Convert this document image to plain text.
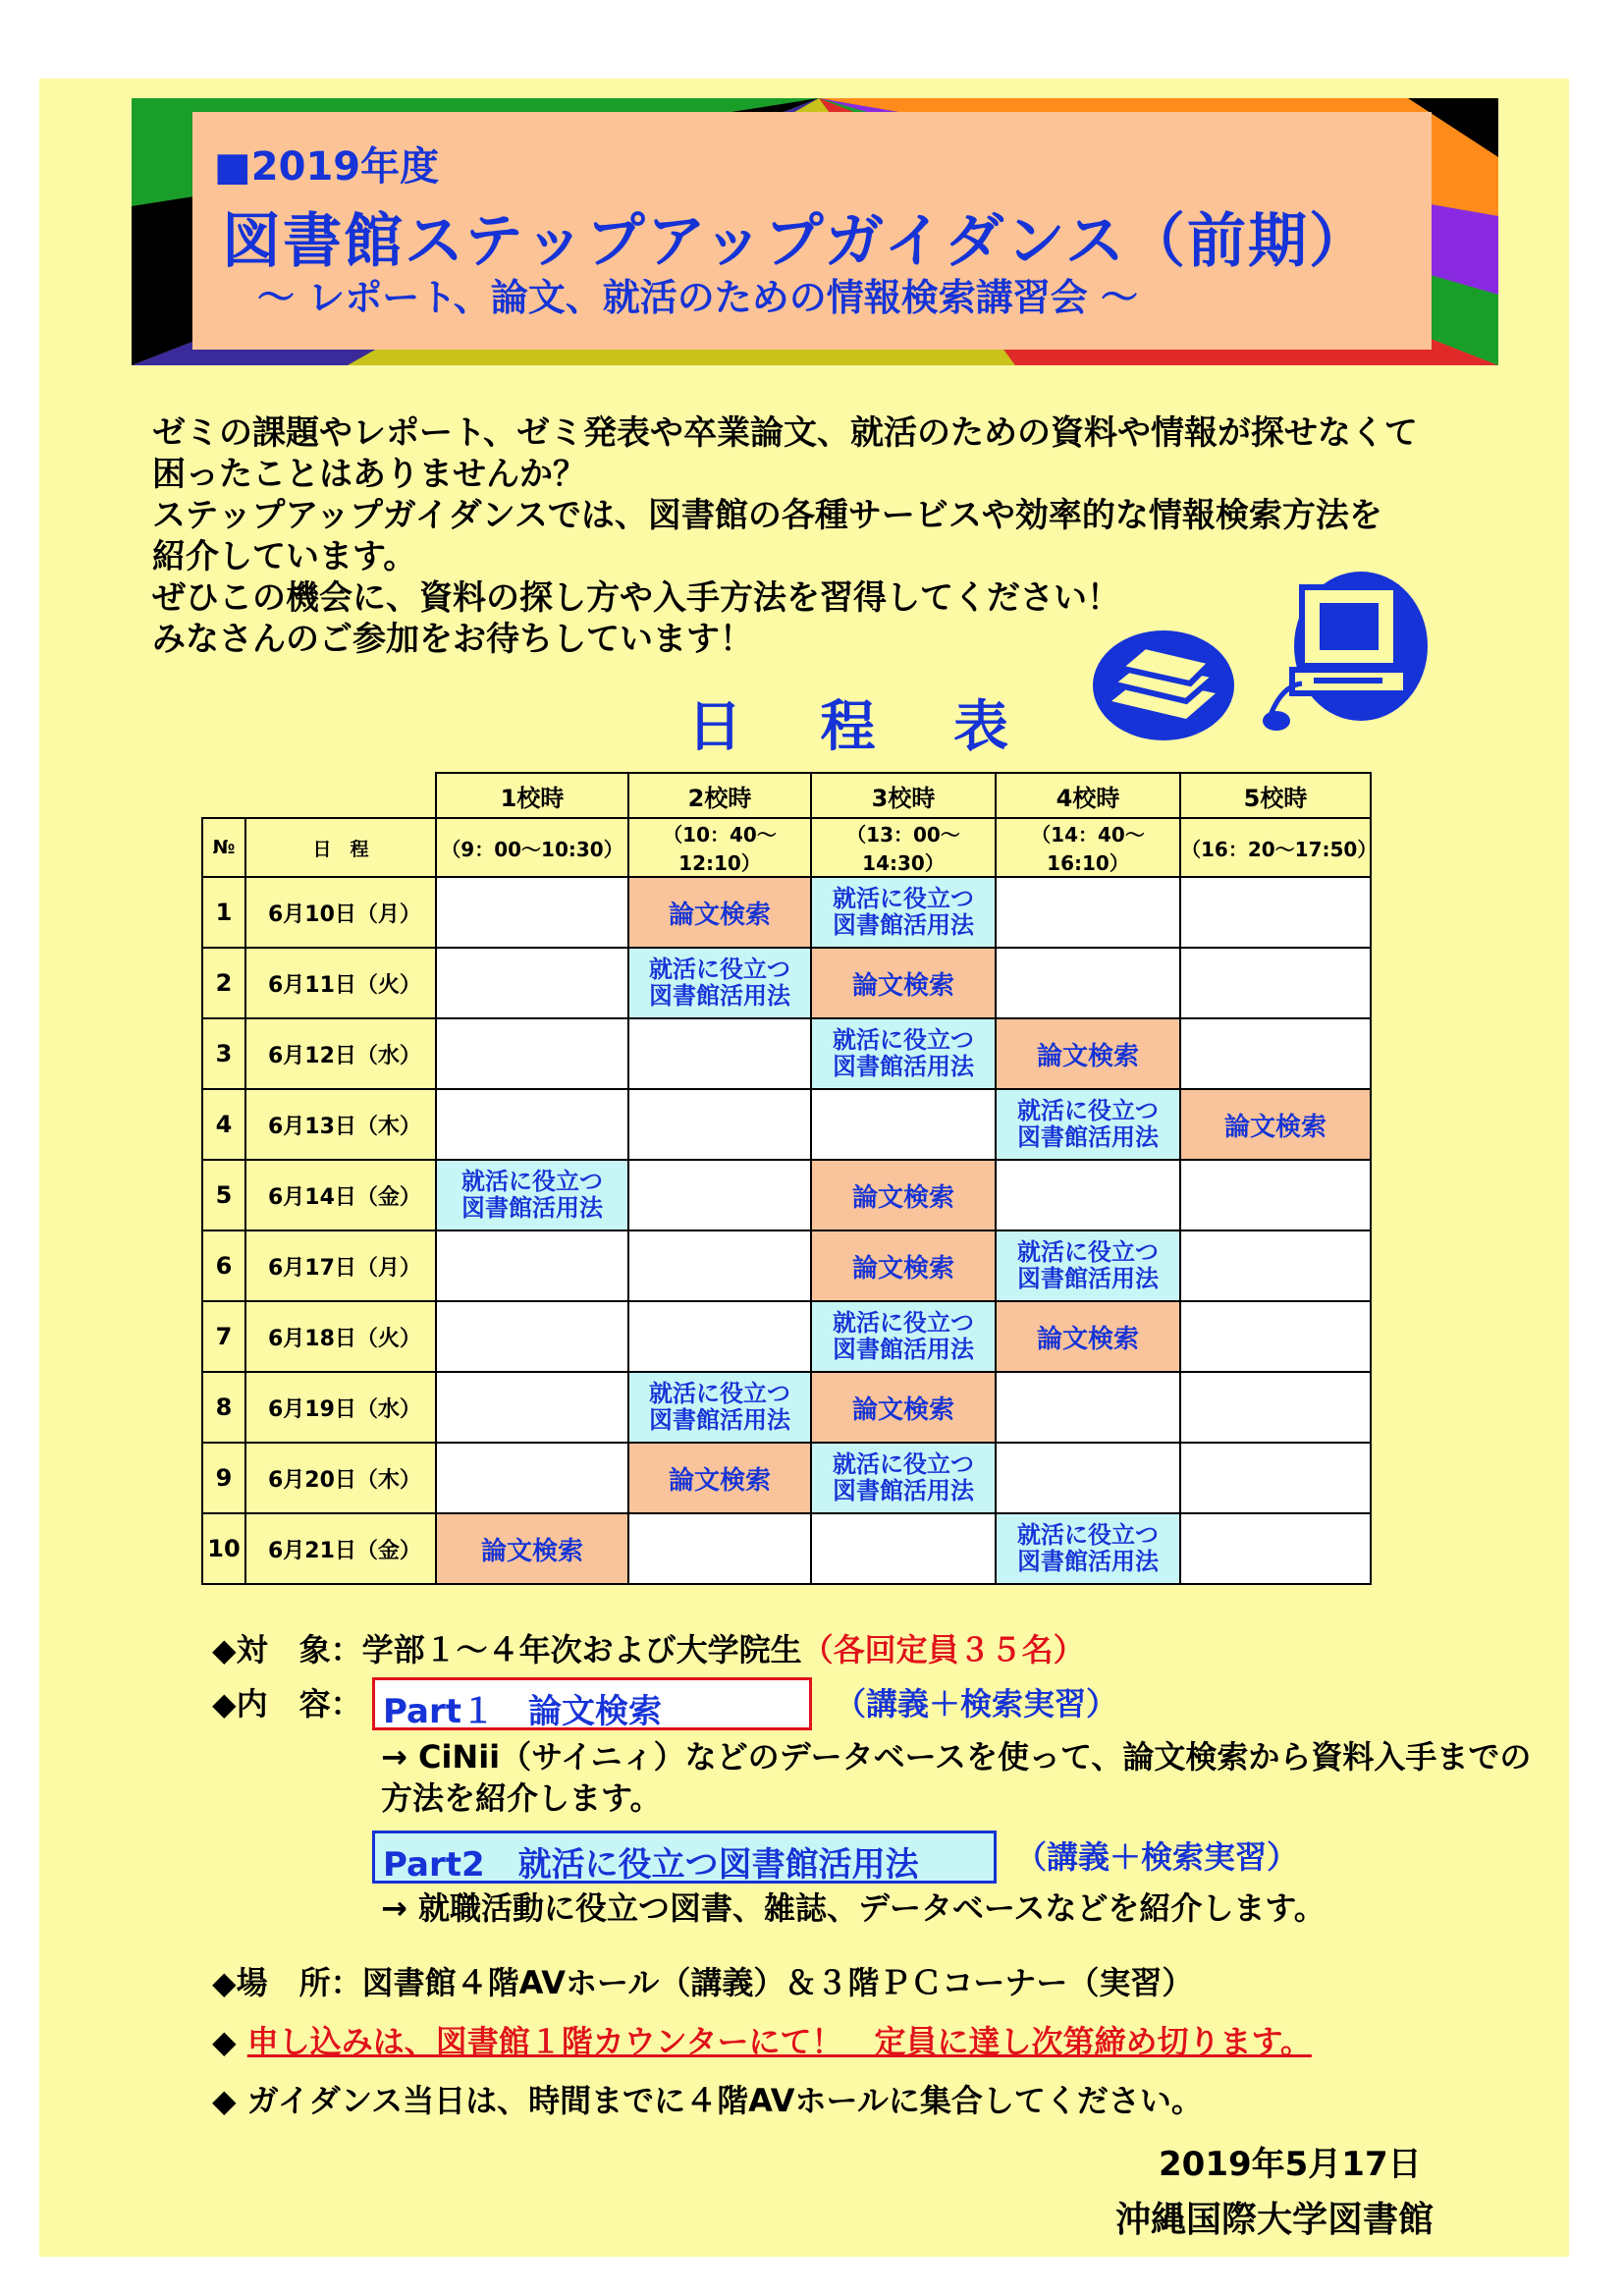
■2019年度
図書館ステップアップガイダンス（前期）
～ レポート、論文、就活のための情報検索講習会 ～
ゼミの課題やレポート、ゼミ発表や卒業論文、就活のための資料や情報が探せなくて
困ったことはありませんか？
ステップアップガイダンスでは、図書館の各種サービスや効率的な情報検索方法を
紹介しています。
ぜひこの機会に、資料の探し方や入手方法を習得してください！
みなさんのご参加をお待ちしています！
日 程 表
		1校時	2校時	3校時	4校時	5校時
№	日　程	（9：00～10:30）	（10：40～12:10）	（13：00～14:30）	（14：40～16:10）	（16：20～17:50）
1	6月10日（月）		論文検索	就活に役立つ
図書館活用法		

2	6月11日（火）		就活に役立つ
図書館活用法	論文検索		
3	6月12日（水）			就活に役立つ
図書館活用法	論文検索	
4	6月13日（木）				就活に役立つ
図書館活用法	論文検索
5	6月14日（金）	就活に役立つ
図書館活用法		論文検索		
6	6月17日（月）			論文検索	就活に役立つ
図書館活用法	

7	6月18日（火）			就活に役立つ
図書館活用法	論文検索	
8	6月19日（水）		就活に役立つ
図書館活用法	論文検索		
9	6月20日（木）		論文検索	就活に役立つ
図書館活用法		

10	6月21日（金）	論文検索			就活に役立つ
図書館活用法	

◆対　象：学部１～４年次および大学院生（各回定員３５名）
◆内　容： Part１　論文検索	（講義＋検索実習）
→ CiNii（サイニィ）などのデータベースを使って、論文検索から資料入手までの
方法を紹介します。
Part2　就活に役立つ図書館活用法	（講義＋検索実習）
→ 就職活動に役立つ図書、雑誌、データベースなどを紹介します。
◆場　所：図書館４階AVホール（講義）＆３階ＰＣコーナー（実習）
◆ 申し込みは、図書館１階カウンターにて！　定員に達し次第締め切ります。
◆ ガイダンス当日は、時間までに４階AVホールに集合してください。
2019年5月17日
沖縄国際大学図書館
